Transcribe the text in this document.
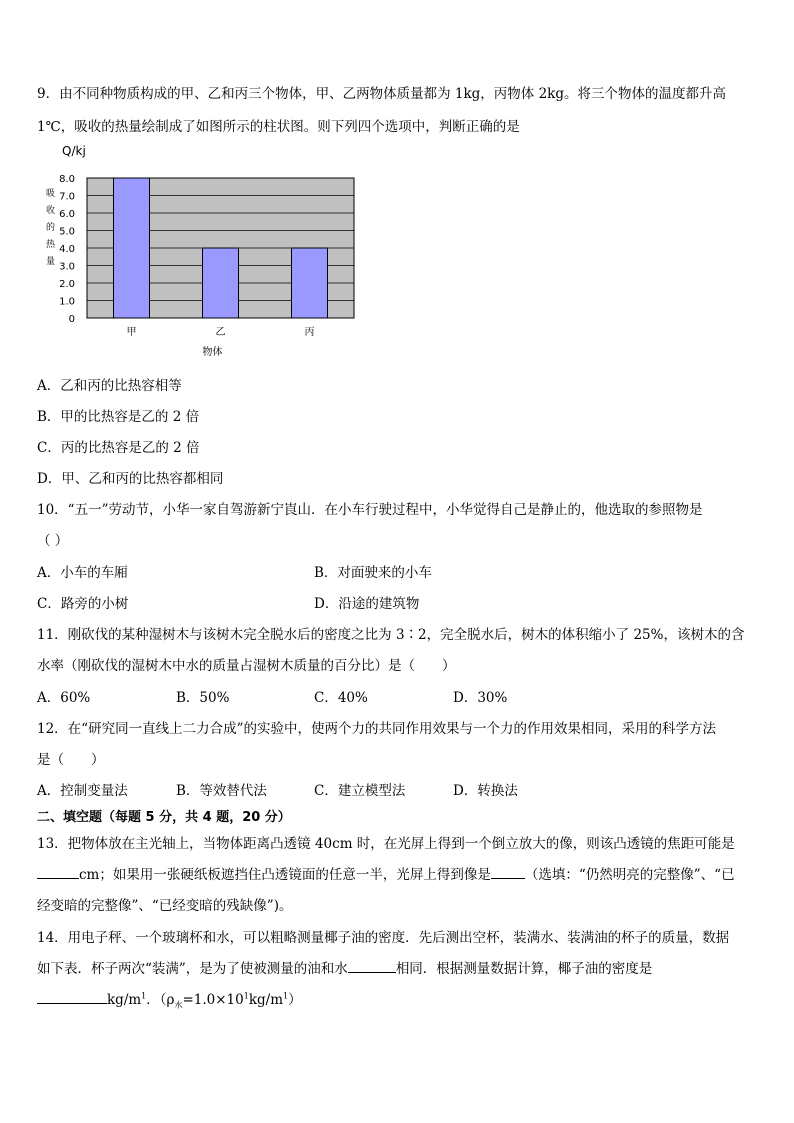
9．由不同种物质构成的甲、乙和丙三个物体，甲、乙两物体质量都为 1kg，丙物体 2kg。将三个物体的温度都升高
1℃，吸收的热量绘制成了如图所示的柱状图。则下列四个选项中，判断正确的是
Q/kj
0
1.0
2.0
3.0
4.0
5.0
6.0
7.0
8.0
吸
收
的
热
量
甲	乙	丙
物体
A．乙和丙的比热容相等
B．甲的比热容是乙的 2 倍
C．丙的比热容是乙的 2 倍
D．甲、乙和丙的比热容都相同
10．“五一”劳动节，小华一家自驾游新宁崀山．在小车行驶过程中，小华觉得自己是静止的，他选取的参照物是
（ ）
A．小车的车厢	B．对面驶来的小车
C．路旁的小树	D．沿途的建筑物
11．刚砍伐的某种湿树木与该树木完全脱水后的密度之比为 3∶2，完全脱水后，树木的体积缩小了 25%，该树木的含
水率（刚砍伐的湿树木中水的质量占湿树木质量的百分比）是（　　）
A．60%	B．50%	C．40%	D．30%
12．在“研究同一直线上二力合成”的实验中，使两个力的共同作用效果与一个力的作用效果相同，采用的科学方法
是（　　）
A．控制变量法	B．等效替代法	C．建立模型法	D．转换法
二、填空题（每题 5 分，共 4 题，20 分）
13．把物体放在主光轴上，当物体距离凸透镜 40cm 时，在光屏上得到一个倒立放大的像，则该凸透镜的焦距可能是
cm；如果用一张硬纸板遮挡住凸透镜面的任意一半，光屏上得到像是	（选填：“仍然明亮的完整像”、“已
经变暗的完整像”、“已经变暗的残缺像”)。
14．用电子秤、一个玻璃杯和水，可以粗略测量椰子油的密度．先后测出空杯，装满水、装满油的杯子的质量，数据
如下表．杯子两次“装满”，是为了使被测量的油和水	相同．根据测量数据计算，椰子油的密度是
$kg/m^1$．$(\rho_水=1.0\times 10^1kg/m^1)$
